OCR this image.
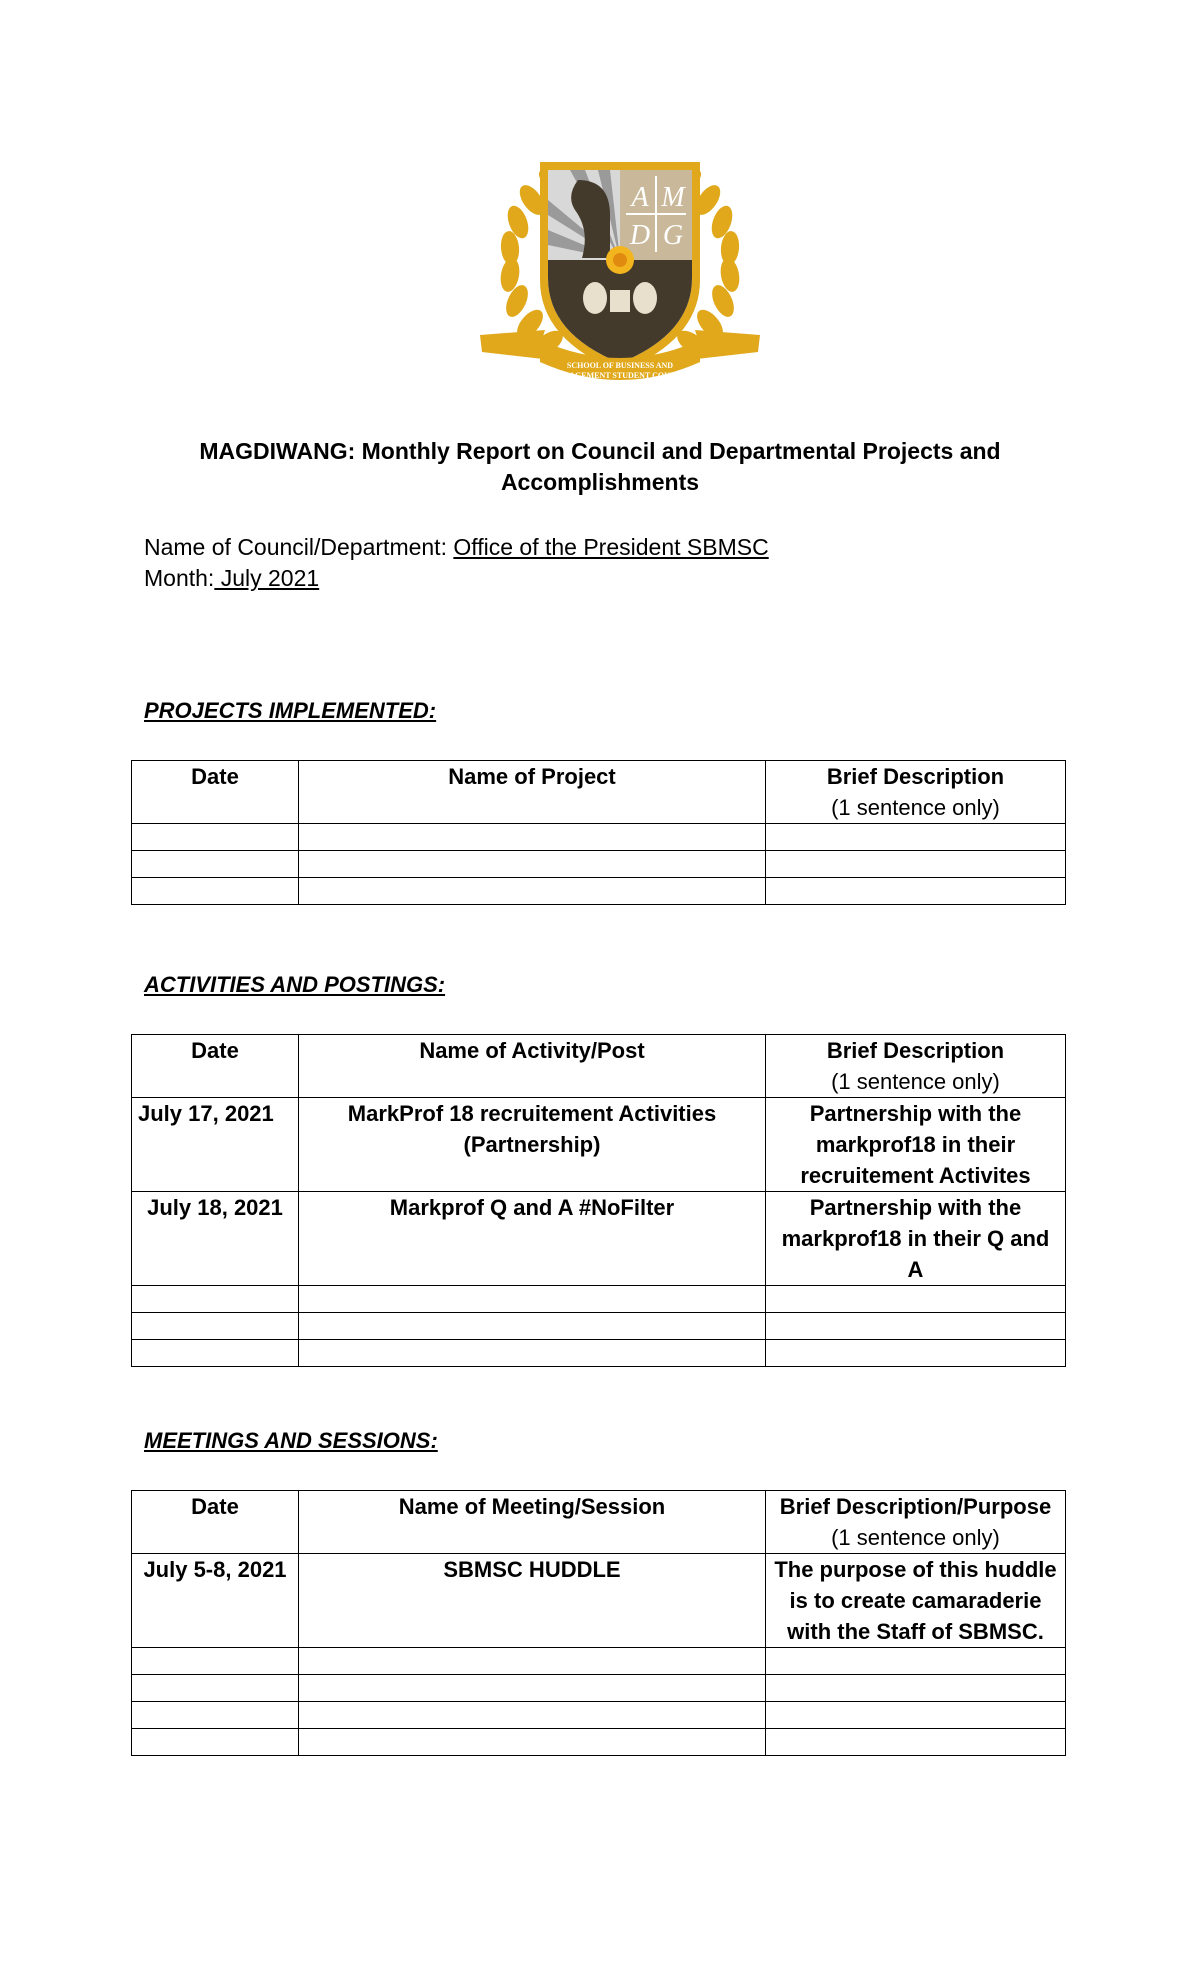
A M
D G
SCHOOL OF BUSINESS AND
MANAGEMENT STUDENT COUNCIL
MAGDIWANG: Monthly Report on Council and Departmental Projects and
Accomplishments
Name of Council/Department: Office of the President SBMSC
Month: July 2021
PROJECTS IMPLEMENTED:
Date	Name of Project	Brief Description
(1 sentence only)

ACTIVITIES AND POSTINGS:
Date	Name of Activity/Post	Brief Description
(1 sentence only)

July 17, 2021	MarkProf 18 recruitement Activities (Partnership)	Partnership with the markprof18 in their recruitement Activites
July 18, 2021	Markprof Q and A #NoFilter	Partnership with the markprof18 in their Q and A

MEETINGS AND SESSIONS:
Date	Name of Meeting/Session	Brief Description/Purpose
(1 sentence only)

July 5-8, 2021	SBMSC HUDDLE	The purpose of this huddle is to create camaraderie with the Staff of SBMSC.
